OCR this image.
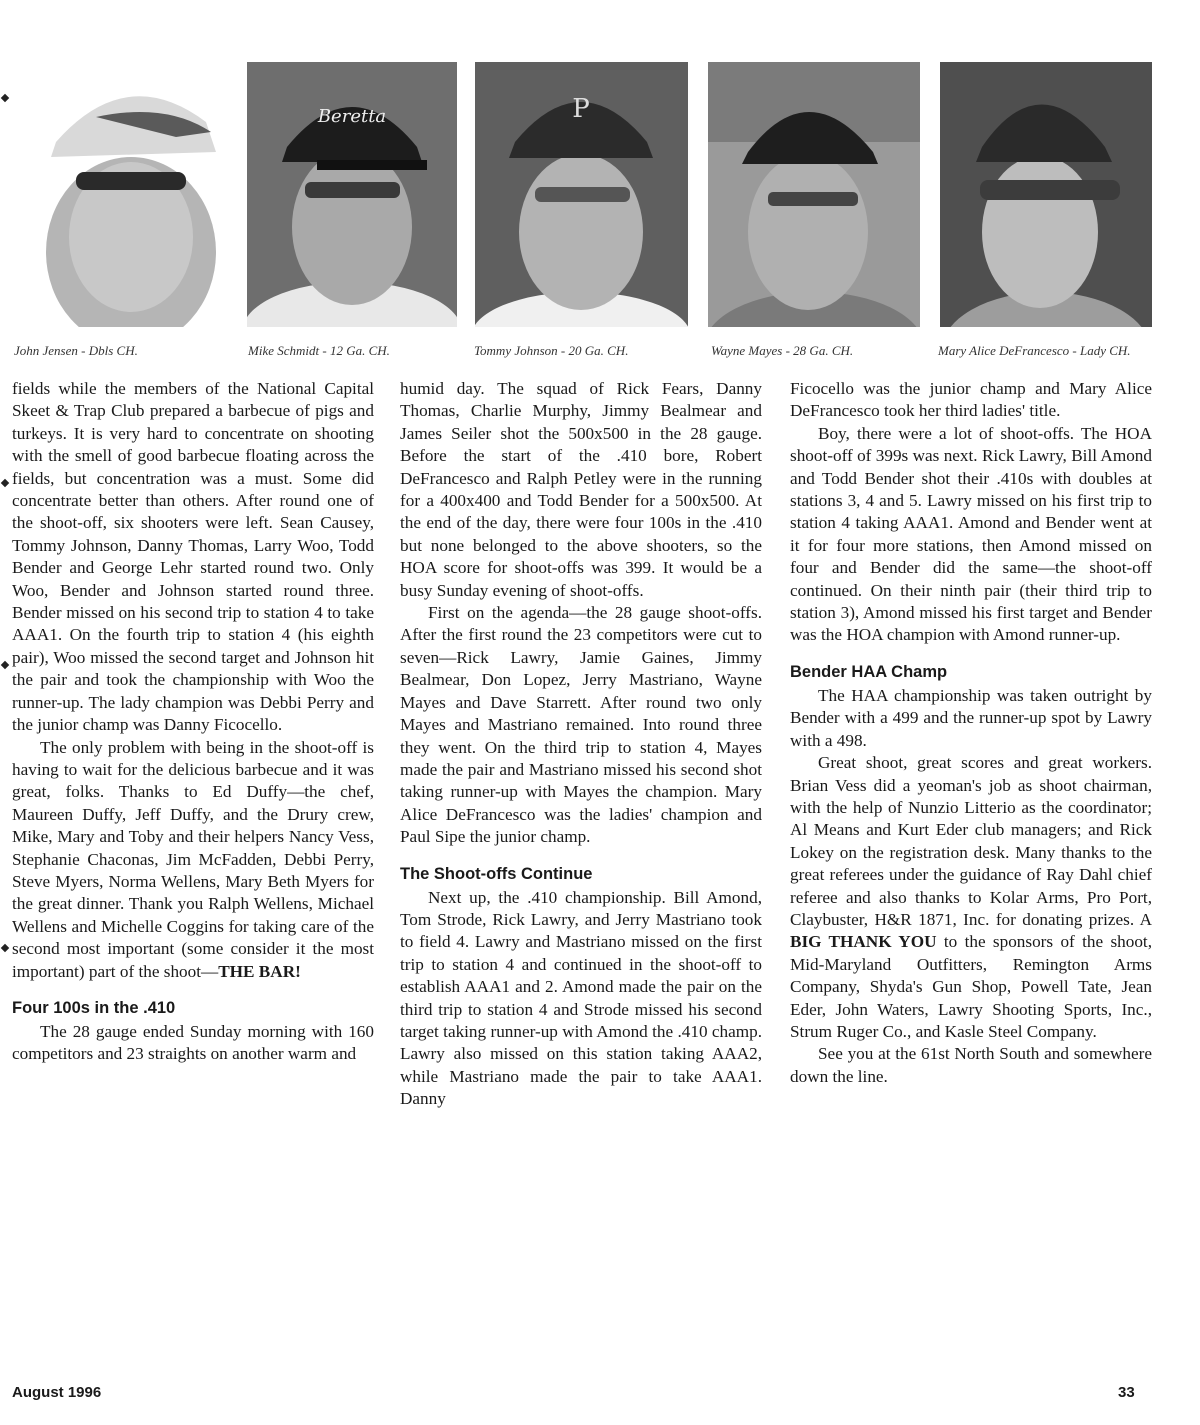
Beretta	P
John Jensen - Dbls CH.	Mike Schmidt - 12 Ga. CH.	Tommy Johnson - 20 Ga. CH.	Wayne Mayes - 28 Ga. CH.	Mary Alice DeFrancesco - Lady CH.

fields while the members of the National Capital Skeet & Trap Club prepared a barbecue of pigs and turkeys. It is very hard to concentrate on shooting with the smell of good barbecue floating across the fields, but concentration was a must. Some did concentrate better than others. After round one of the shoot-off, six shooters were left. Sean Causey, Tommy Johnson, Danny Thomas, Larry Woo, Todd Bender and George Lehr started round two. Only Woo, Bender and Johnson started round three. Bender missed on his second trip to station 4 to take AAA1. On the fourth trip to station 4 (his eighth pair), Woo missed the second target and Johnson hit the pair and took the championship with Woo the runner-up. The lady champion was Debbi Perry and the junior champ was Danny Ficocello.

The only problem with being in the shoot-off is having to wait for the delicious barbecue and it was great, folks. Thanks to Ed Duffy—the chef, Maureen Duffy, Jeff Duffy, and the Drury crew, Mike, Mary and Toby and their helpers Nancy Vess, Stephanie Chaconas, Jim McFadden, Debbi Perry, Steve Myers, Norma Wellens, Mary Beth Myers for the great dinner. Thank you Ralph Wellens, Michael Wellens and Michelle Coggins for taking care of the second most important (some consider it the most important) part of the shoot—THE BAR!

Four 100s in the .410

The 28 gauge ended Sunday morning with 160 competitors and 23 straights on another warm and

humid day. The squad of Rick Fears, Danny Thomas, Charlie Murphy, Jimmy Bealmear and James Seiler shot the 500x500 in the 28 gauge. Before the start of the .410 bore, Robert DeFrancesco and Ralph Petley were in the running for a 400x400 and Todd Bender for a 500x500. At the end of the day, there were four 100s in the .410 but none belonged to the above shooters, so the HOA score for shoot-offs was 399. It would be a busy Sunday evening of shoot-offs.

First on the agenda—the 28 gauge shoot-offs. After the first round the 23 competitors were cut to seven—Rick Lawry, Jamie Gaines, Jimmy Bealmear, Don Lopez, Jerry Mastriano, Wayne Mayes and Dave Starrett. After round two only Mayes and Mastriano remained. Into round three they went. On the third trip to station 4, Mayes made the pair and Mastriano missed his second shot taking runner-up with Mayes the champion. Mary Alice DeFrancesco was the ladies' champion and Paul Sipe the junior champ.

The Shoot-offs Continue

Next up, the .410 championship. Bill Amond, Tom Strode, Rick Lawry, and Jerry Mastriano took to field 4. Lawry and Mastriano missed on the first trip to station 4 and continued in the shoot-off to establish AAA1 and 2. Amond made the pair on the third trip to station 4 and Strode missed his second target taking runner-up with Amond the .410 champ. Lawry also missed on this station taking AAA2, while Mastriano made the pair to take AAA1. Danny

Ficocello was the junior champ and Mary Alice DeFrancesco took her third ladies' title.

Boy, there were a lot of shoot-offs. The HOA shoot-off of 399s was next. Rick Lawry, Bill Amond and Todd Bender shot their .410s with doubles at stations 3, 4 and 5. Lawry missed on his first trip to station 4 taking AAA1. Amond and Bender went at it for four more stations, then Amond missed on four and Bender did the same—the shoot-off continued. On their ninth pair (their third trip to station 3), Amond missed his first target and Bender was the HOA champion with Amond runner-up.

Bender HAA Champ

The HAA championship was taken outright by Bender with a 499 and the runner-up spot by Lawry with a 498.

Great shoot, great scores and great workers. Brian Vess did a yeoman's job as shoot chairman, with the help of Nunzio Litterio as the coordinator; Al Means and Kurt Eder club managers; and Rick Lokey on the registration desk. Many thanks to the great referees under the guidance of Ray Dahl chief referee and also thanks to Kolar Arms, Pro Port, Claybuster, H&R 1871, Inc. for donating prizes. A BIG THANK YOU to the sponsors of the shoot, Mid-Maryland Outfitters, Remington Arms Company, Shyda's Gun Shop, Powell Tate, Jean Eder, John Waters, Lawry Shooting Sports, Inc., Strum Ruger Co., and Kasle Steel Company.

See you at the 61st North South and somewhere down the line.

August 1996	33
